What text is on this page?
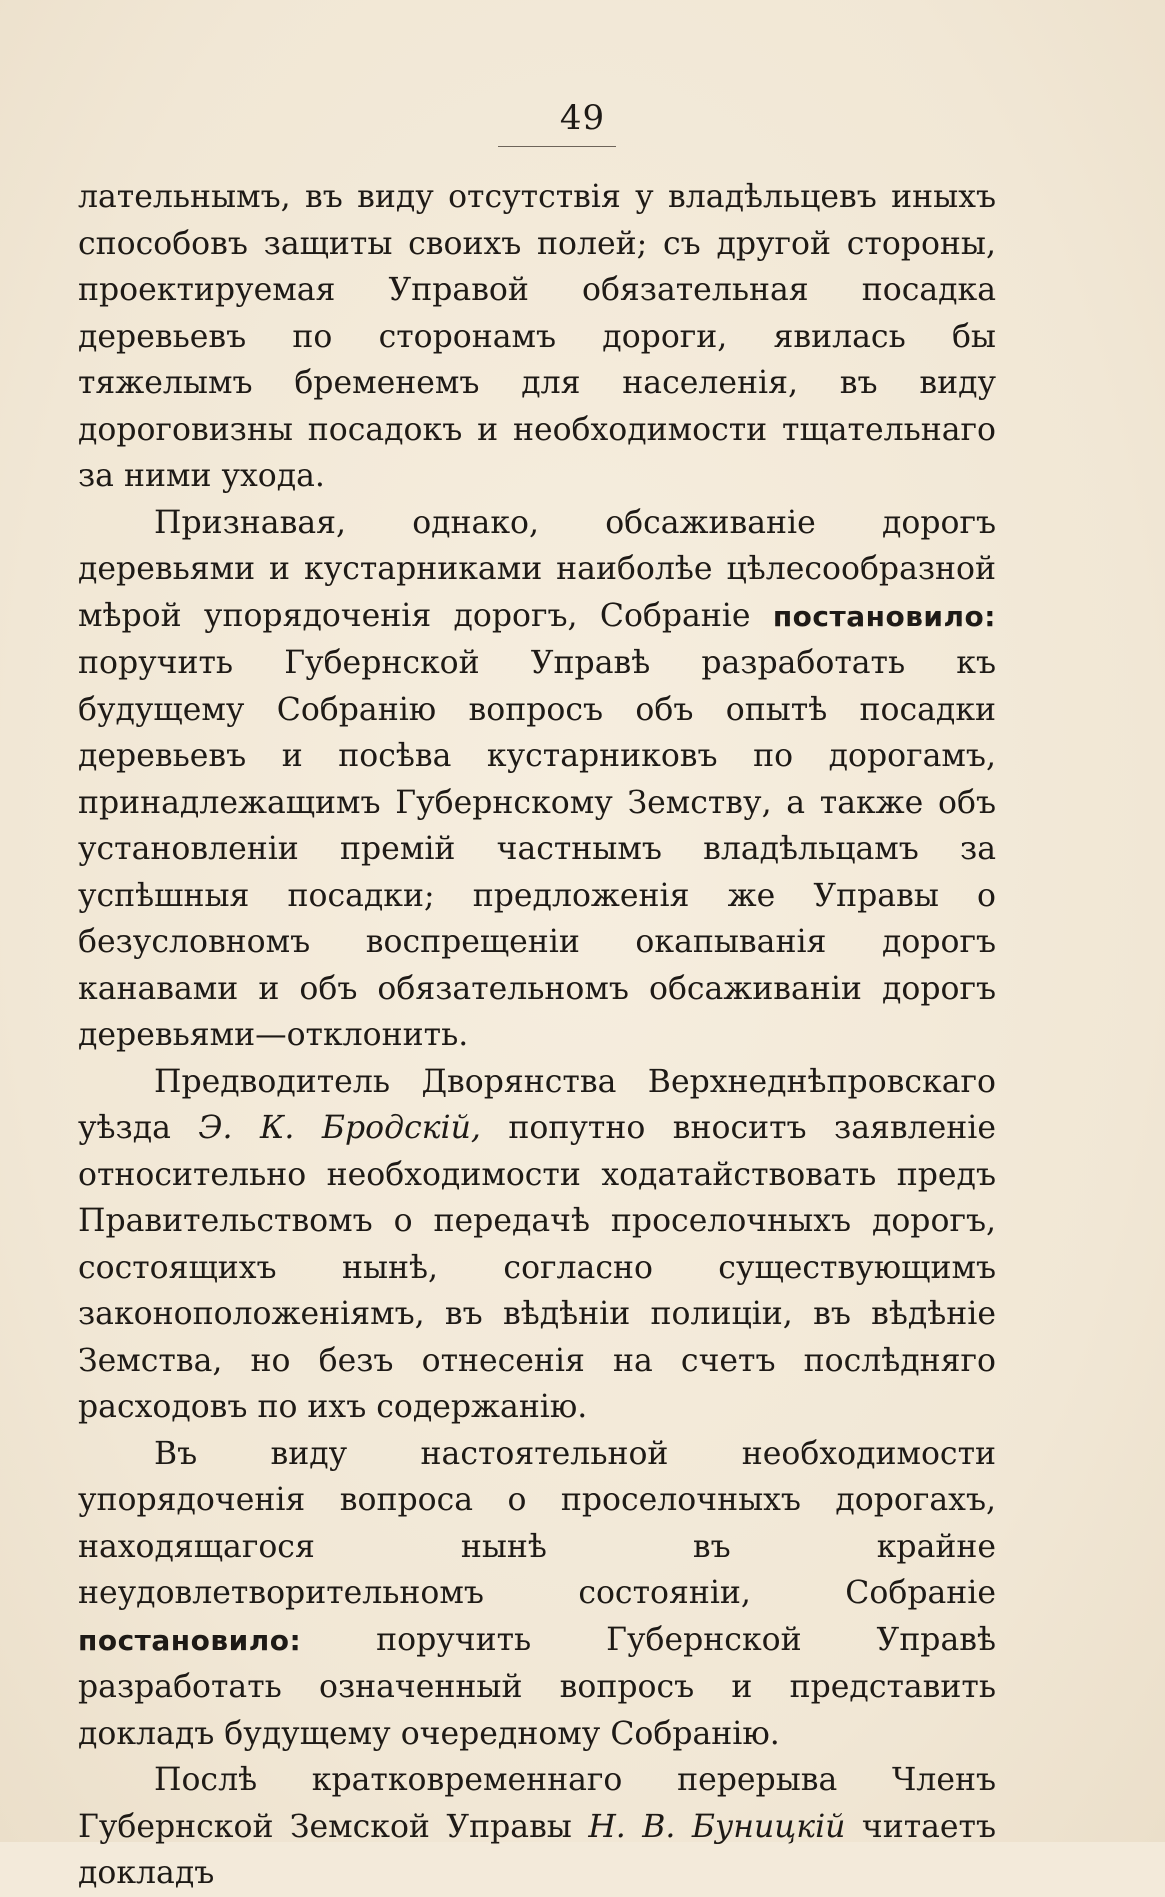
49

лательнымъ, въ виду отсутствія у владѣльцевъ иныхъ способовъ защиты своихъ полей; съ другой стороны, проектируемая Управой обязательная посадка деревьевъ по сторонамъ дороги, явилась бы тяжелымъ бременемъ для населенія, въ виду дороговизны посадокъ и необходимости тщательнаго за ними ухода.

Признавая, однако, обсаживаніе дорогъ деревьями и кустарниками наиболѣе цѣлесообразной мѣрой упорядоченія дорогъ, Собраніе постановило: поручить Губернской Управѣ разработать къ будущему Собранію вопросъ объ опытѣ посадки деревьевъ и посѣва кустарниковъ по дорогамъ, принадлежащимъ Губернскому Земству, а также объ установленіи премій частнымъ владѣльцамъ за успѣшныя посадки; предложенія же Управы о безусловномъ воспрещеніи окапыванія дорогъ канавами и объ обязательномъ обсаживаніи дорогъ деревьями—отклонить.

Предводитель Дворянства Верхнеднѣпровскаго уѣзда Э. К. Бродскій, попутно вноситъ заявленіе относительно необходимости ходатайствовать предъ Правительствомъ о передачѣ проселочныхъ дорогъ, состоящихъ нынѣ, согласно существующимъ законоположеніямъ, въ вѣдѣніи полиціи, въ вѣдѣніе Земства, но безъ отнесенія на счетъ послѣдняго расходовъ по ихъ содержанію.

Въ виду настоятельной необходимости упорядоченія вопроса о проселочныхъ дорогахъ, находящагося нынѣ въ крайне неудовлетворительномъ состояніи, Собраніе постановило: поручить Губернской Управѣ разработать означенный вопросъ и представить докладъ будущему очередному Собранію.

Послѣ кратковременнаго перерыва Членъ Губернской Земской Управы Н. В. Буницкій читаетъ докладъ
